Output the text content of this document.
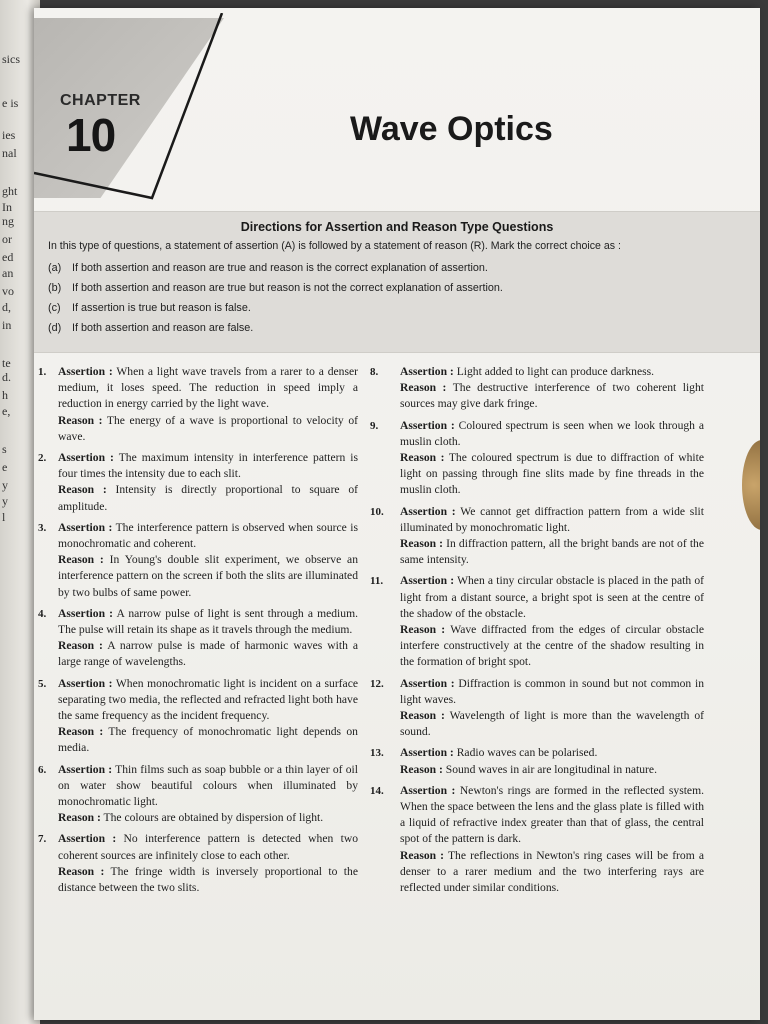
sics
e is
ies
nal
ght
In
ng
or
ed
an
vo
d,
in
te
d.
h
e,
s
e
y
y
l
CHAPTER
10	Wave Optics
Directions for Assertion and Reason Type Questions
In this type of questions, a statement of assertion (A) is followed by a statement of reason (R). Mark the correct choice as :
(a) If both assertion and reason are true and reason is the correct explanation of assertion.
(b) If both assertion and reason are true but reason is not the correct explanation of assertion.
(c) If assertion is true but reason is false.
(d) If both assertion and reason are false.
1. Assertion : When a light wave travels from a rarer to a denser medium, it loses speed. The reduction in speed imply a reduction in energy carried by the light wave.

Reason : The energy of a wave is proportional to velocity of wave.

2. Assertion : The maximum intensity in interference pattern is four times the intensity due to each slit.

Reason : Intensity is directly proportional to square of amplitude.

3. Assertion : The interference pattern is observed when source is monochromatic and coherent.

Reason : In Young's double slit experiment, we observe an interference pattern on the screen if both the slits are illuminated by two bulbs of same power.

4. Assertion : A narrow pulse of light is sent through a medium. The pulse will retain its shape as it travels through the medium.

Reason : A narrow pulse is made of harmonic waves with a large range of wavelengths.

5. Assertion : When monochromatic light is incident on a surface separating two media, the reflected and refracted light both have the same frequency as the incident frequency.

Reason : The frequency of monochromatic light depends on media.

6. Assertion : Thin films such as soap bubble or a thin layer of oil on water show beautiful colours when illuminated by monochromatic light.

Reason : The colours are obtained by dispersion of light.

7. Assertion : No interference pattern is detected when two coherent sources are infinitely close to each other.

Reason : The fringe width is inversely proportional to the distance between the two slits.

8. Assertion : Light added to light can produce darkness.

Reason : The destructive interference of two coherent light sources may give dark fringe.

9. Assertion : Coloured spectrum is seen when we look through a muslin cloth.

Reason : The coloured spectrum is due to diffraction of white light on passing through fine slits made by fine threads in the muslin cloth.

10. Assertion : We cannot get diffraction pattern from a wide slit illuminated by monochromatic light.

Reason : In diffraction pattern, all the bright bands are not of the same intensity.

11. Assertion : When a tiny circular obstacle is placed in the path of light from a distant source, a bright spot is seen at the centre of the shadow of the obstacle.

Reason : Wave diffracted from the edges of circular obstacle interfere constructively at the centre of the shadow resulting in the formation of bright spot.

12. Assertion : Diffraction is common in sound but not common in light waves.

Reason : Wavelength of light is more than the wavelength of sound.

13. Assertion : Radio waves can be polarised.

Reason : Sound waves in air are longitudinal in nature.

14. Assertion : Newton's rings are formed in the reflected system. When the space between the lens and the glass plate is filled with a liquid of refractive index greater than that of glass, the central spot of the pattern is dark.

Reason : The reflections in Newton's ring cases will be from a denser to a rarer medium and the two interfering rays are reflected under similar conditions.
